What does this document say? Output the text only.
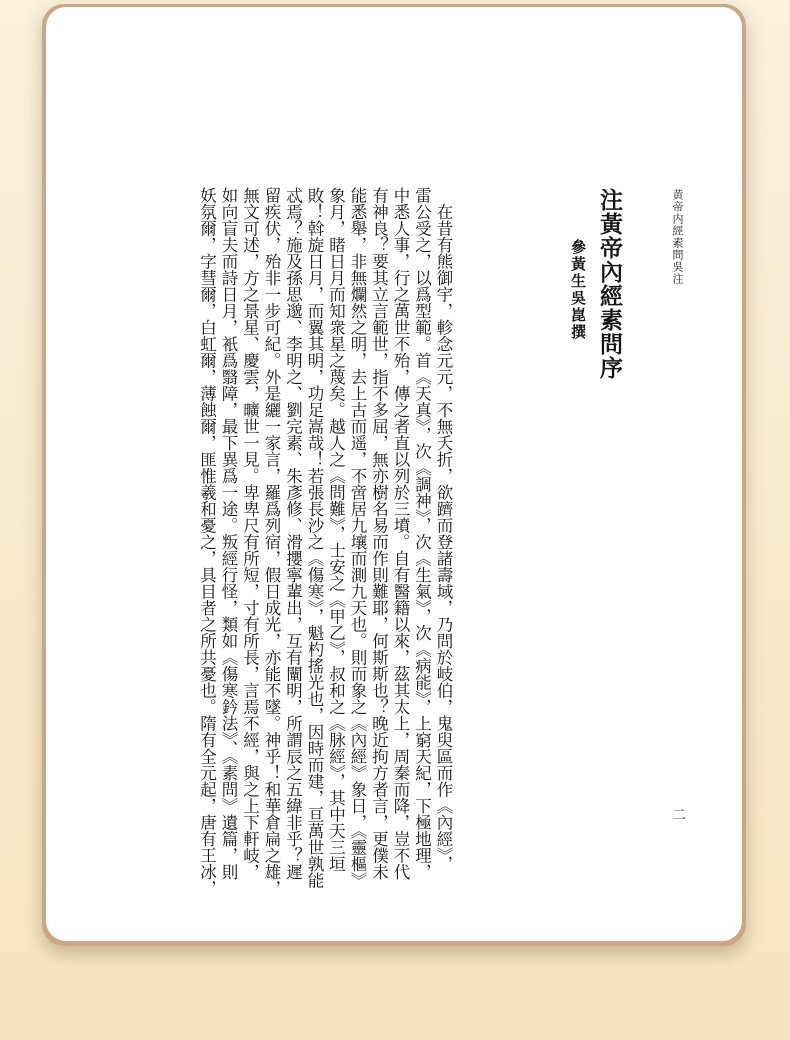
黄帝内經素問吳注
二
注黃帝內經素問序
參黃生吳崑撰
　在昔有熊御宇，軫念元元，不無夭折，欲躋而登諸壽域，乃問於岐伯，鬼臾區而作《內經》，
雷公受之，以爲型範。首《天真》，次《調神》，次《生氣》，次《病能》，上窮天紀，下極地理，
中悉人事，行之萬世不殆，傳之者直以列於三墳。自有醫籍以來，茲其太上，周秦而降，豈不代
有神良？要其立言範世，指不多屈，無亦樹名易而作則難耶，何斯斯也？晚近拘方者言，更僕未
能悉舉，非無爛然之明，去上古而遥，不啻居九壤而測九天也。則而象之《內經》象日，《靈樞》
象月，睹日月而知衆星之蔑矣。越人之《問難》，士安之《甲乙》，叔和之《脉經》，其中天三垣
敗！斡旋日月，而翼其明，功足嵩哉！若張長沙之《傷寒》，魁杓搖光也，因時而建，亘萬世孰能
忒焉？施及孫思邈、李明之、劉完素、朱彥修、滑攖寧輩出，互有闡明，所謂辰之五緯非乎？遲
留疾伏，殆非一步可紀。外是纚一家言，羅爲列宿，假日成光，亦能不墜。神乎！和華倉扁之雄，
無文可述，方之景星、慶雲，曠世一見。卑卑尺有所短，寸有所長，言焉不經，與之上下軒岐，
如向盲夫而詩日月，衹爲翳障，最下異爲一途。叛經行怪，類如《傷寒鈐法》、《素問》遺篇，則
妖氛爾，字彗爾，白虹爾，薄蝕爾，匪惟羲和憂之，具目者之所共憂也。隋有全元起，唐有王冰，
